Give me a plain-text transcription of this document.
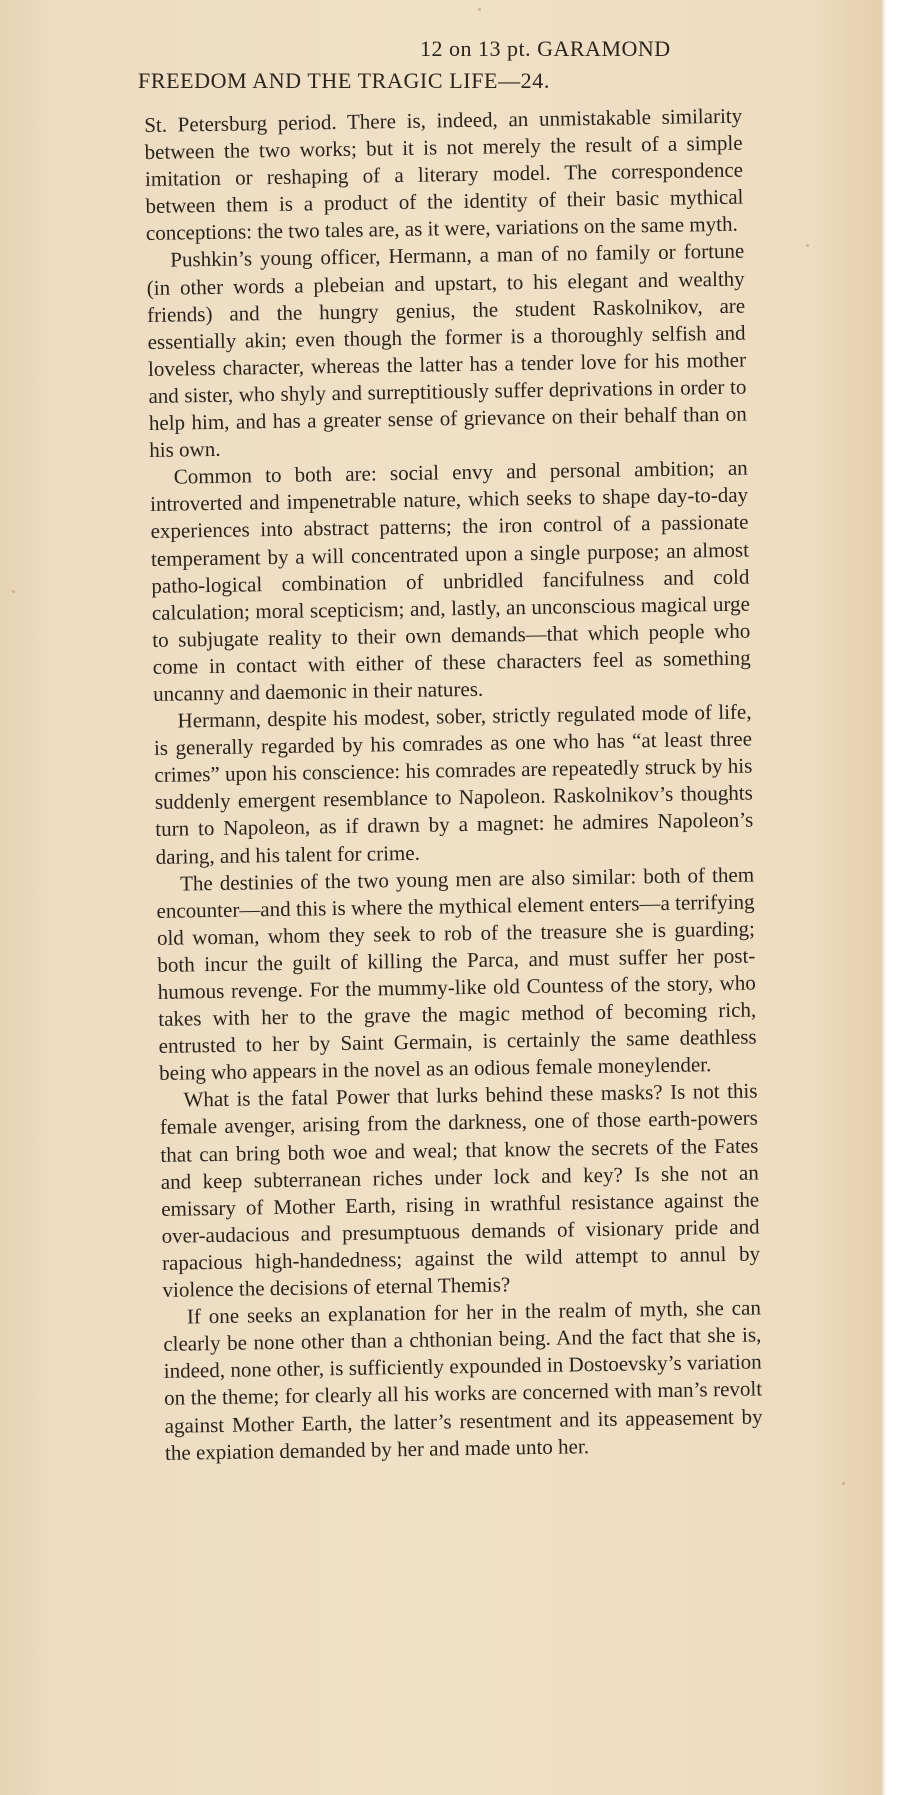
12 on 13 pt. GARAMOND
FREEDOM AND THE TRAGIC LIFE—24.

St. Petersburg period. There is, indeed, an unmistakable similarity between the two works; but it is not merely the result of a simple imitation or reshaping of a literary model. The correspondence between them is a product of the identity of their basic mythical conceptions: the two tales are, as it were, variations on the same myth.

Pushkin’s young officer, Hermann, a man of no family or fortune (in other words a plebeian and upstart, to his elegant and wealthy friends) and the hungry genius, the student Raskolnikov, are essentially akin; even though the former is a thoroughly selfish and loveless character, whereas the latter has a tender love for his mother and sister, who shyly and surreptitiously suffer deprivations in order to help him, and has a greater sense of grievance on their behalf than on his own.

Common to both are: social envy and personal ambition; an introverted and impenetrable nature, which seeks to shape day-to-day experiences into abstract patterns; the iron control of a passionate temperament by a will concentrated upon a single purpose; an almost patho-logical combination of unbridled fancifulness and cold calculation; moral scepticism; and, lastly, an unconscious magical urge to subjugate reality to their own demands—that which people who come in contact with either of these characters feel as something uncanny and daemonic in their natures.

Hermann, despite his modest, sober, strictly regulated mode of life, is generally regarded by his comrades as one who has “at least three crimes” upon his conscience: his comrades are repeatedly struck by his suddenly emergent resemblance to Napoleon. Raskolnikov’s thoughts turn to Napoleon, as if drawn by a magnet: he admires Napoleon’s daring, and his talent for crime.

The destinies of the two young men are also similar: both of them encounter—and this is where the mythical element enters—a terrifying old woman, whom they seek to rob of the treasure she is guarding; both incur the guilt of killing the Parca, and must suffer her post-humous revenge. For the mummy-like old Countess of the story, who takes with her to the grave the magic method of becoming rich, entrusted to her by Saint Germain, is certainly the same deathless being who appears in the novel as an odious female moneylender.

What is the fatal Power that lurks behind these masks? Is not this female avenger, arising from the darkness, one of those earth-powers that can bring both woe and weal; that know the secrets of the Fates and keep subterranean riches under lock and key? Is she not an emissary of Mother Earth, rising in wrathful resistance against the over-audacious and presumptuous demands of visionary pride and rapacious high-handedness; against the wild attempt to annul by violence the decisions of eternal Themis?

If one seeks an explanation for her in the realm of myth, she can clearly be none other than a chthonian being. And the fact that she is, indeed, none other, is sufficiently expounded in Dostoevsky’s variation on the theme; for clearly all his works are concerned with man’s revolt against Mother Earth, the latter’s resentment and its appeasement by the expiation demanded by her and made unto her.
